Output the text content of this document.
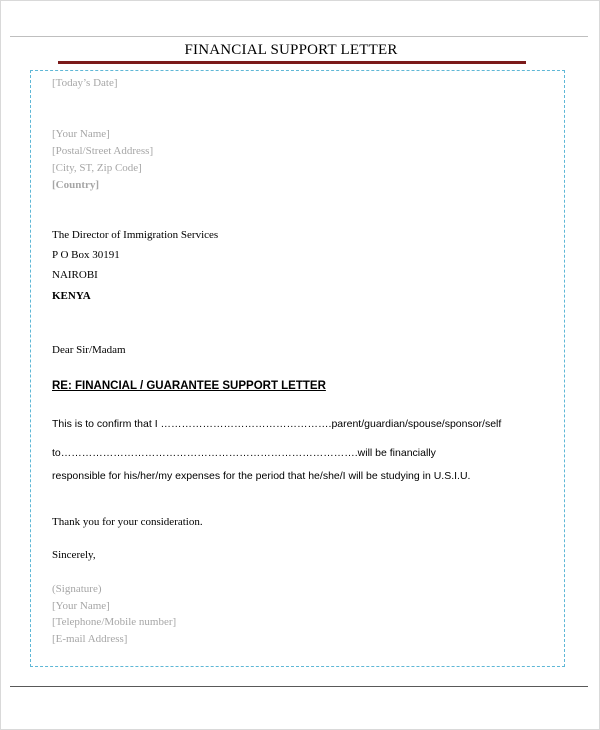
FINANCIAL SUPPORT LETTER
[Today’s Date]
[Your Name]
[Postal/Street Address]
[City, ST, Zip Code]
[Country]
The Director of Immigration Services
P O Box 30191
NAIROBI
KENYA
Dear Sir/Madam
RE: FINANCIAL / GUARANTEE SUPPORT LETTER
This is to confirm that I ………………………………………….parent/guardian/spouse/sponsor/self
to………………………………………………………………………….will be financially
responsible for his/her/my expenses for the period that he/she/I will be studying in U.S.I.U.
Thank you for your consideration.
Sincerely,
(Signature)
[Your Name]
[Telephone/Mobile number]
[E-mail Address]
